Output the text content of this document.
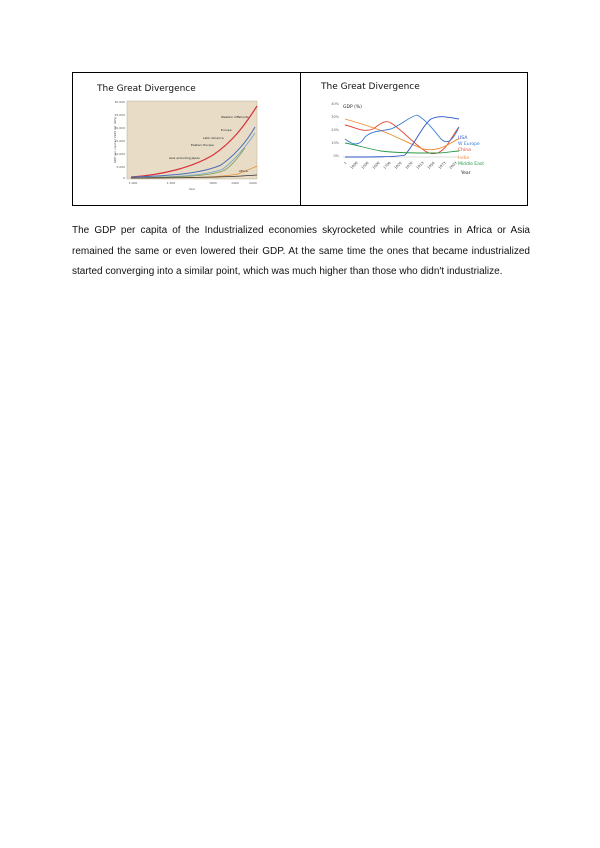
The Great Divergence
GDP per capita (1990 Int. GK$)
30,000
25,000
20,000
15,000
10,000
5,000
0
1,000	1,500	1800	1900	2000
Year
Western Offshoots
Europe
Latin America
Eastern Europe
Asia excluding Japan
Africa
The Great Divergence
GDP (%)
40%
30%
20%
10%
0%
1 1000 1500 1600 1700 1820 1870 1913 1950 1973 2003
Year
USA
W Europe
China
India
Middle East

The GDP per capita of the Industrialized economies skyrocketed while countries in Africa or Asia remained the same or even lowered their GDP. At the same time the ones that became industrialized started converging into a similar point, which was much higher than those who didn't industrialize.
